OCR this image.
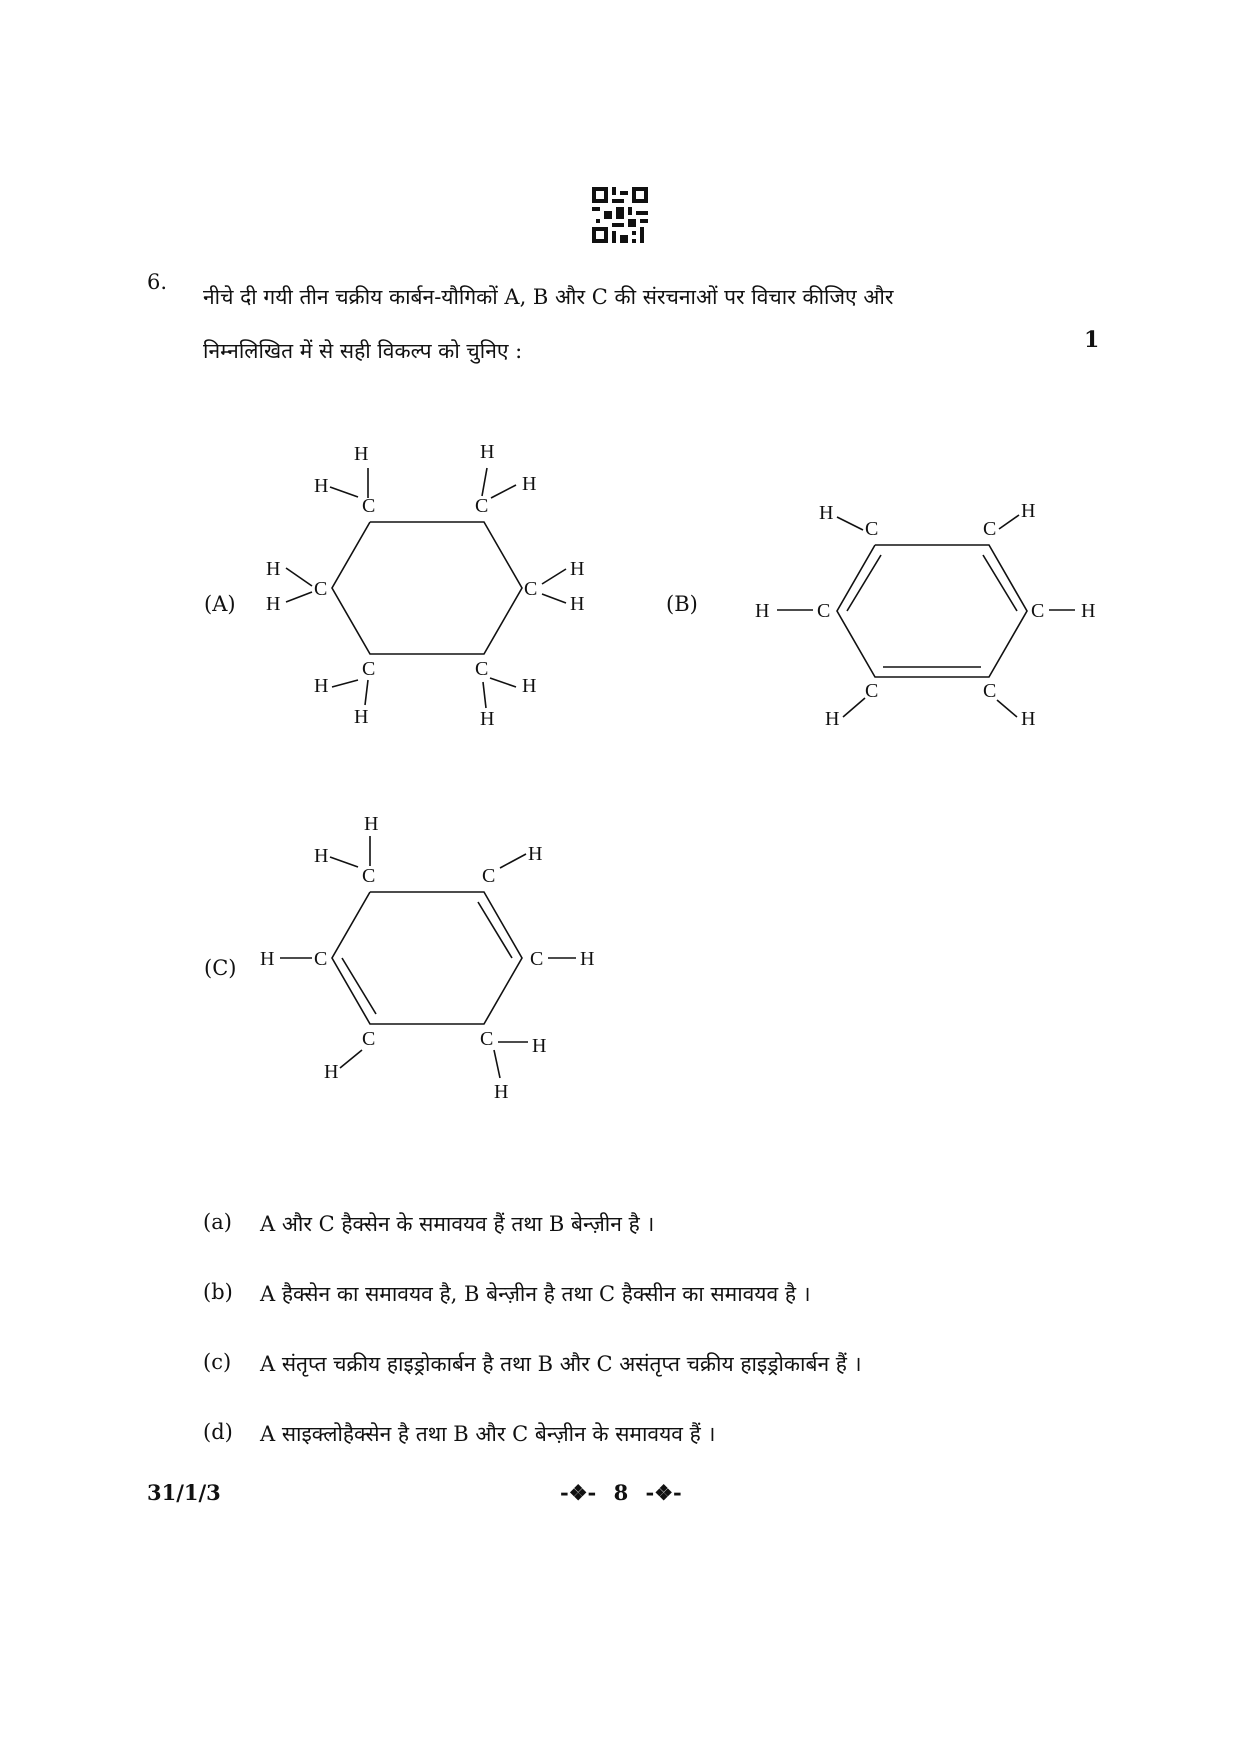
6.
नीचे दी गयी तीन चक्रीय कार्बन-यौगिकों A, B और C की संरचनाओं पर विचार कीजिए और
निम्नलिखित में से सही विकल्प को चुनिए :	1
(A)
C	C
C	C
C	C
H
H
H
H
H
H
H
H
H
H
H
H
(B)
C	C
C	C
C	C
H	H
H	H
H	H
(C)
C	C
C	C
C	C
H
H	H
H	H
H
H
H
(a) A और C हैक्सेन के समावयव हैं तथा B बेन्ज़ीन है ।
(b) A हैक्सेन का समावयव है, B बेन्ज़ीन है तथा C हैक्सीन का समावयव है ।
(c) A संतृप्त चक्रीय हाइड्रोकार्बन है तथा B और C असंतृप्त चक्रीय हाइड्रोकार्बन हैं ।
(d) A साइक्लोहैक्सेन है तथा B और C बेन्ज़ीन के समावयव हैं ।
31/1/3	-❖- 8 -❖-
